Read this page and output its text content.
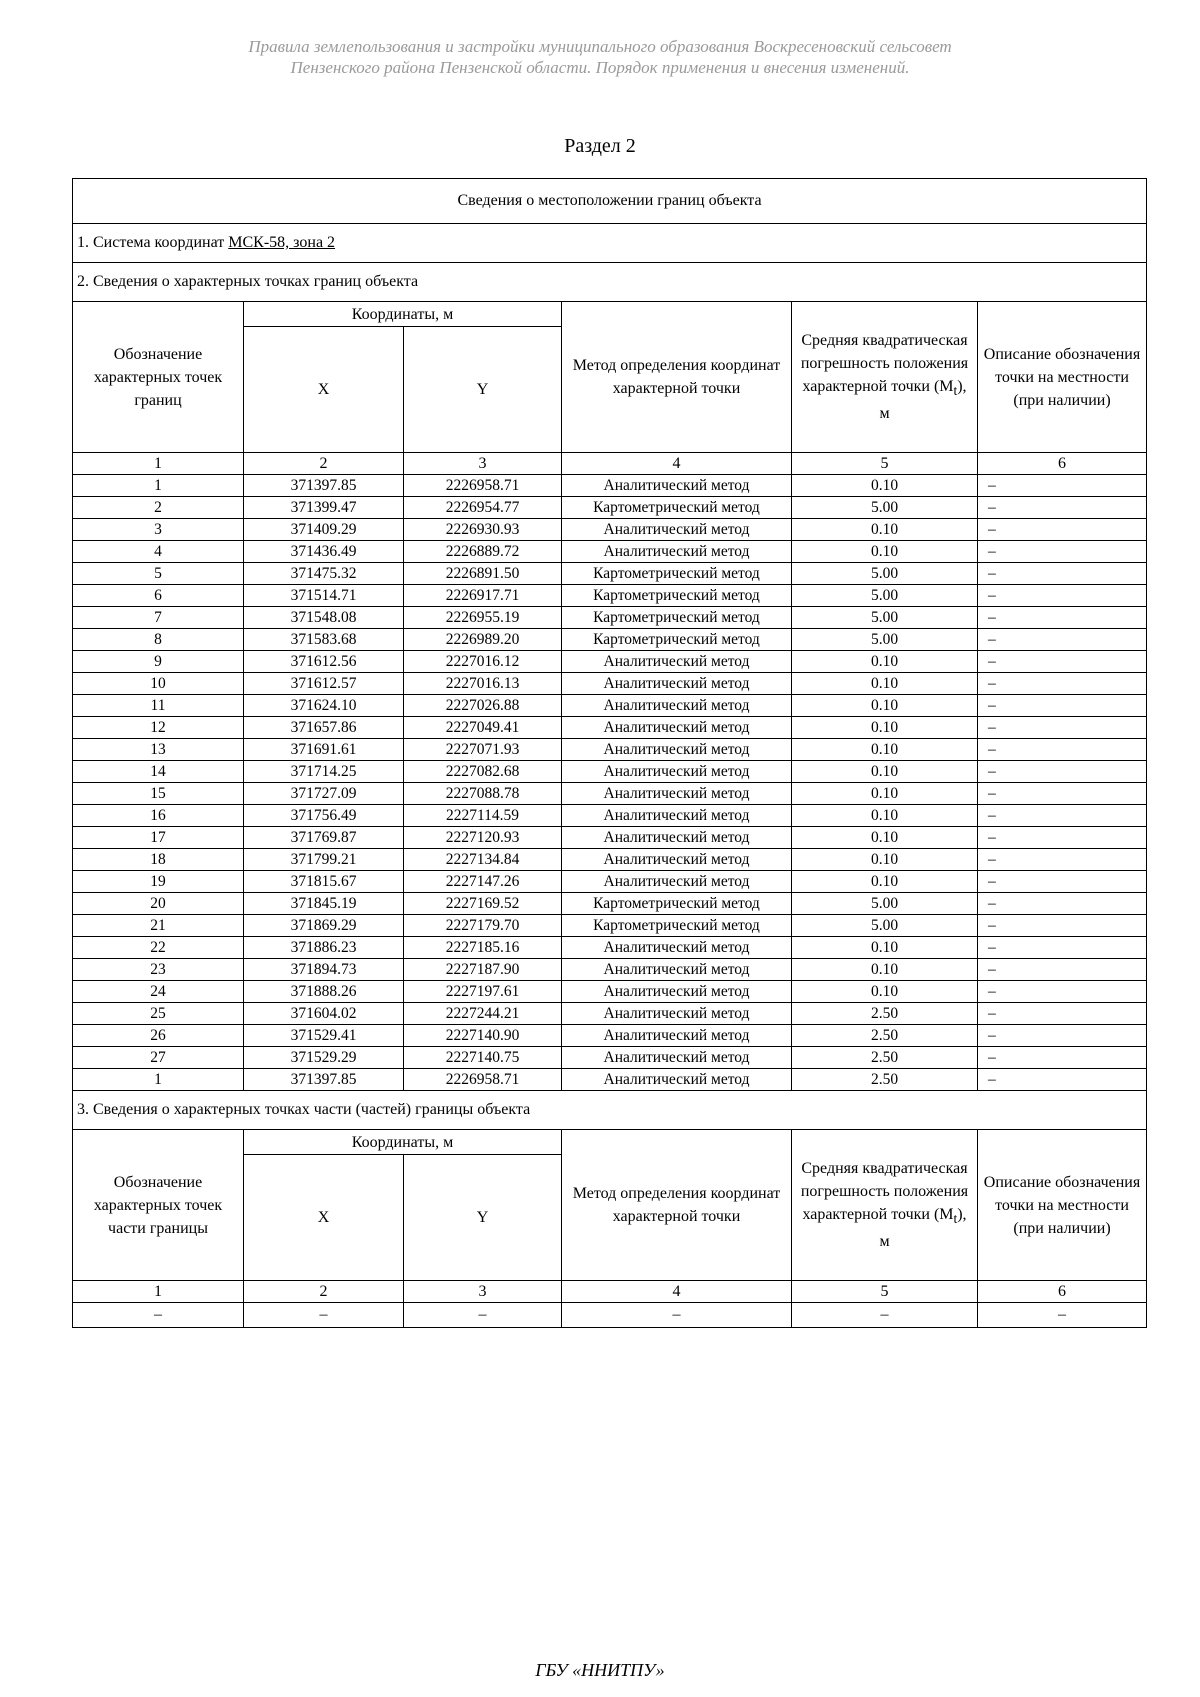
Правила землепользования и застройки муниципального образования Воскресеновский сельсовет
Пензенского района Пензенской области. Порядок применения и внесения изменений.
Раздел 2
Сведения о местоположении границ объекта					
1. Система координат МСК-58, зона 2					
2. Сведения о характерных точках границ объекта					
Обозначение характерных точек границ	Координаты, м		Метод определения координат характерной точки	Средняя квадратическая погрешность положения характерной точки $(M_t)$, м	Описание обозначения точки на местности (при наличии)
	X	Y			
1	2	3	4	5	6
1	371397.85	2226958.71	Аналитический метод	0.10	–
2	371399.47	2226954.77	Картометрический метод	5.00	–
3	371409.29	2226930.93	Аналитический метод	0.10	–
4	371436.49	2226889.72	Аналитический метод	0.10	–
5	371475.32	2226891.50	Картометрический метод	5.00	–
6	371514.71	2226917.71	Картометрический метод	5.00	–
7	371548.08	2226955.19	Картометрический метод	5.00	–
8	371583.68	2226989.20	Картометрический метод	5.00	–
9	371612.56	2227016.12	Аналитический метод	0.10	–
10	371612.57	2227016.13	Аналитический метод	0.10	–
11	371624.10	2227026.88	Аналитический метод	0.10	–
12	371657.86	2227049.41	Аналитический метод	0.10	–
13	371691.61	2227071.93	Аналитический метод	0.10	–
14	371714.25	2227082.68	Аналитический метод	0.10	–
15	371727.09	2227088.78	Аналитический метод	0.10	–
16	371756.49	2227114.59	Аналитический метод	0.10	–
17	371769.87	2227120.93	Аналитический метод	0.10	–
18	371799.21	2227134.84	Аналитический метод	0.10	–
19	371815.67	2227147.26	Аналитический метод	0.10	–
20	371845.19	2227169.52	Картометрический метод	5.00	–
21	371869.29	2227179.70	Картометрический метод	5.00	–
22	371886.23	2227185.16	Аналитический метод	0.10	–
23	371894.73	2227187.90	Аналитический метод	0.10	–
24	371888.26	2227197.61	Аналитический метод	0.10	–
25	371604.02	2227244.21	Аналитический метод	2.50	–
26	371529.41	2227140.90	Аналитический метод	2.50	–
27	371529.29	2227140.75	Аналитический метод	2.50	–
1	371397.85	2226958.71	Аналитический метод	2.50	–
3. Сведения о характерных точках части (частей) границы объекта					
Обозначение характерных точек части границы	Координаты, м		Метод определения координат характерной точки	Средняя квадратическая погрешность положения характерной точки $(M_t)$, м	Описание обозначения точки на местности (при наличии)
	X	Y			
1	2	3	4	5	6
–	–	–	–	–	–
ГБУ «ННИТПУ»
